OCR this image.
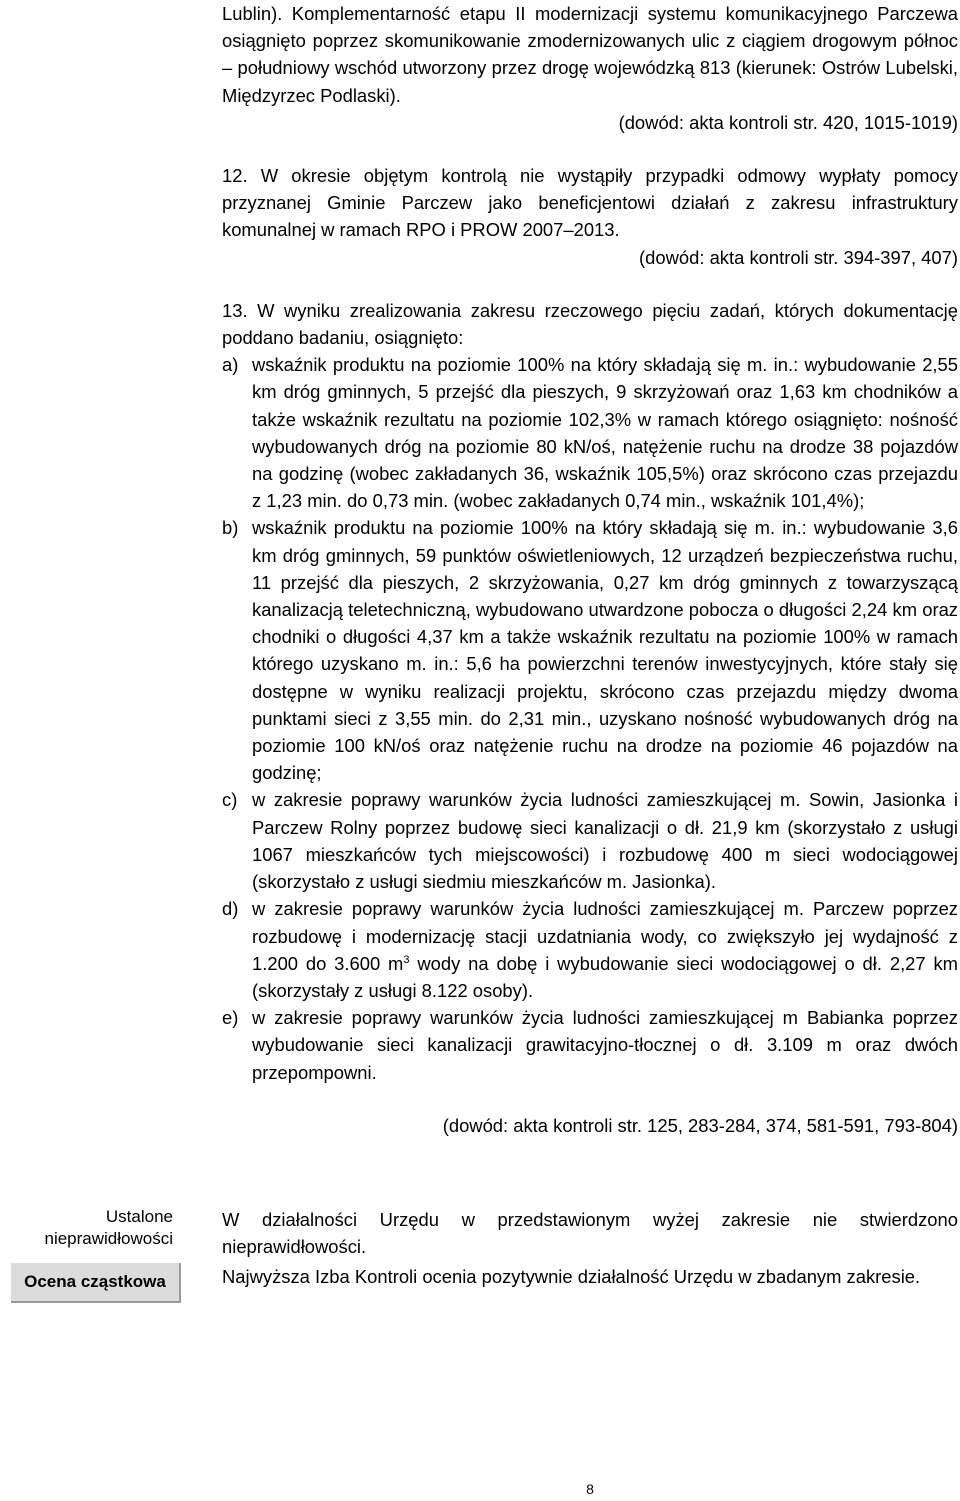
Lublin). Komplementarność etapu II modernizacji systemu komunikacyjnego Parczewa osiągnięto poprzez skomunikowanie zmodernizowanych ulic z ciągiem drogowym północ – południowy wschód utworzony przez drogę wojewódzką 813 (kierunek: Ostrów Lubelski, Międzyrzec Podlaski).

(dowód: akta kontroli str. 420, 1015-1019)

12. W okresie objętym kontrolą nie wystąpiły przypadki odmowy wypłaty pomocy przyznanej Gminie Parczew jako beneficjentowi działań z zakresu infrastruktury komunalnej w ramach RPO i PROW 2007–2013.

(dowód: akta kontroli str. 394-397, 407)

13. W wyniku zrealizowania zakresu rzeczowego pięciu zadań, których dokumentację poddano badaniu, osiągnięto:

a) wskaźnik produktu na poziomie 100% na który składają się m. in.: wybudowanie 2,55 km dróg gminnych, 5 przejść dla pieszych, 9 skrzyżowań oraz 1,63 km chodników a także wskaźnik rezultatu na poziomie 102,3% w ramach którego osiągnięto: nośność wybudowanych dróg na poziomie 80 kN/oś, natężenie ruchu na drodze 38 pojazdów na godzinę (wobec zakładanych 36, wskaźnik 105,5%) oraz skrócono czas przejazdu z 1,23 min. do 0,73 min. (wobec zakładanych 0,74 min., wskaźnik 101,4%);
b) wskaźnik produktu na poziomie 100% na który składają się m. in.: wybudowanie 3,6 km dróg gminnych, 59 punktów oświetleniowych, 12 urządzeń bezpieczeństwa ruchu, 11 przejść dla pieszych, 2 skrzyżowania, 0,27 km dróg gminnych z towarzyszącą kanalizacją teletechniczną, wybudowano utwardzone pobocza o długości 2,24 km oraz chodniki o długości 4,37 km a także wskaźnik rezultatu na poziomie 100% w ramach którego uzyskano m. in.: 5,6 ha powierzchni terenów inwestycyjnych, które stały się dostępne w wyniku realizacji projektu, skrócono czas przejazdu między dwoma punktami sieci z 3,55 min. do 2,31 min., uzyskano nośność wybudowanych dróg na poziomie 100 kN/oś oraz natężenie ruchu na drodze na poziomie 46 pojazdów na godzinę;
c) w zakresie poprawy warunków życia ludności zamieszkującej m. Sowin, Jasionka i Parczew Rolny poprzez budowę sieci kanalizacji o dł. 21,9 km (skorzystało z usługi 1067 mieszkańców tych miejscowości) i rozbudowę 400 m sieci wodociągowej (skorzystało z usługi siedmiu mieszkańców m. Jasionka).
d) w zakresie poprawy warunków życia ludności zamieszkującej m. Parczew poprzez rozbudowę i modernizację stacji uzdatniania wody, co zwiększyło jej wydajność z 1.200 do 3.600 $m^3$ wody na dobę i wybudowanie sieci wodociągowej o dł. 2,27 km (skorzystały z usługi 8.122 osoby).
e) w zakresie poprawy warunków życia ludności zamieszkującej m Babianka poprzez wybudowanie sieci kanalizacji grawitacyjno-tłocznej o dł. 3.109 m oraz dwóch przepompowni.

(dowód: akta kontroli str. 125, 283-284, 374, 581-591, 793-804)

Ustalone nieprawidłowości
W działalności Urzędu w przedstawionym wyżej zakresie nie stwierdzono nieprawidłowości.
Ocena cząstkowa	Najwyższa Izba Kontroli ocenia pozytywnie działalność Urzędu w zbadanym zakresie.
8
